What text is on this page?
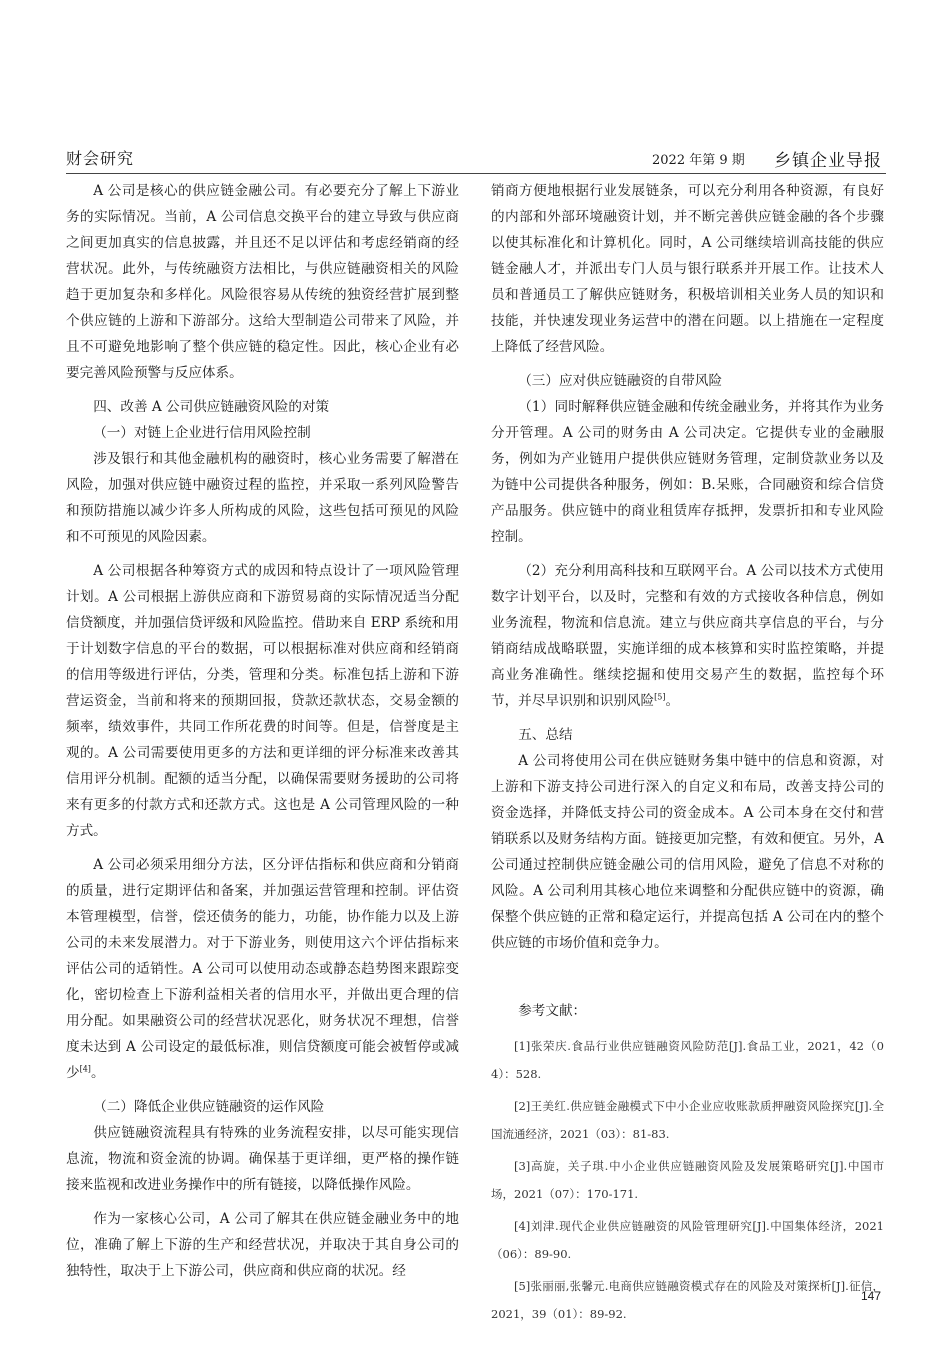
财会研究	2022 年第 9 期 乡镇企业导报

A 公司是核心的供应链金融公司。有必要充分了解上下游业务的实际情况。当前，A 公司信息交换平台的建立导致与供应商之间更加真实的信息披露，并且还不足以评估和考虑经销商的经营状况。此外，与传统融资方法相比，与供应链融资相关的风险趋于更加复杂和多样化。风险很容易从传统的独资经营扩展到整个供应链的上游和下游部分。这给大型制造公司带来了风险，并且不可避免地影响了整个供应链的稳定性。因此，核心企业有必要完善风险预警与反应体系。

四、改善 A 公司供应链融资风险的对策

（一）对链上企业进行信用风险控制

涉及银行和其他金融机构的融资时，核心业务需要了解潜在风险，加强对供应链中融资过程的监控，并采取一系列风险警告和预防措施以减少许多人所构成的风险，这些包括可预见的风险和不可预见的风险因素。

A 公司根据各种筹资方式的成因和特点设计了一项风险管理计划。A 公司根据上游供应商和下游贸易商的实际情况适当分配信贷额度，并加强信贷评级和风险监控。借助来自 ERP 系统和用于计划数字信息的平台的数据，可以根据标准对供应商和经销商的信用等级进行评估，分类，管理和分类。标准包括上游和下游营运资金，当前和将来的预期回报，贷款还款状态，交易金额的频率，绩效事件，共同工作所花费的时间等。但是，信誉度是主观的。A 公司需要使用更多的方法和更详细的评分标准来改善其信用评分机制。配额的适当分配，以确保需要财务援助的公司将来有更多的付款方式和还款方式。这也是 A 公司管理风险的一种方式。

A 公司必须采用细分方法，区分评估指标和供应商和分销商的质量，进行定期评估和备案，并加强运营管理和控制。评估资本管理模型，信誉，偿还债务的能力，功能，协作能力以及上游公司的未来发展潜力。对于下游业务，则使用这六个评估指标来评估公司的适销性。A 公司可以使用动态或静态趋势图来跟踪变化，密切检查上下游利益相关者的信用水平，并做出更合理的信用分配。如果融资公司的经营状况恶化，财务状况不理想，信誉度未达到 A 公司设定的最低标准，则信贷额度可能会被暂停或减少[4]。

（二）降低企业供应链融资的运作风险

供应链融资流程具有特殊的业务流程安排，以尽可能实现信息流，物流和资金流的协调。确保基于更详细，更严格的操作链接来监视和改进业务操作中的所有链接，以降低操作风险。

作为一家核心公司，A 公司了解其在供应链金融业务中的地位，准确了解上下游的生产和经营状况，并取决于其自身公司的独特性，取决于上下游公司，供应商和供应商的状况。经

销商方便地根据行业发展链条，可以充分利用各种资源，有良好的内部和外部环境融资计划，并不断完善供应链金融的各个步骤以使其标准化和计算机化。同时，A 公司继续培训高技能的供应链金融人才，并派出专门人员与银行联系并开展工作。让技术人员和普通员工了解供应链财务，积极培训相关业务人员的知识和技能，并快速发现业务运营中的潜在问题。以上措施在一定程度上降低了经营风险。

（三）应对供应链融资的自带风险

（1）同时解释供应链金融和传统金融业务，并将其作为业务分开管理。A 公司的财务由 A 公司决定。它提供专业的金融服务，例如为产业链用户提供供应链财务管理，定制贷款业务以及为链中公司提供各种服务，例如：B.呆账，合同融资和综合信贷产品服务。供应链中的商业租赁库存抵押，发票折扣和专业风险控制。

（2）充分利用高科技和互联网平台。A 公司以技术方式使用数字计划平台，以及时，完整和有效的方式接收各种信息，例如业务流程，物流和信息流。建立与供应商共享信息的平台，与分销商结成战略联盟，实施详细的成本核算和实时监控策略，并提高业务准确性。继续挖掘和使用交易产生的数据，监控每个环节，并尽早识别和识别风险[5]。

五、总结

A 公司将使用公司在供应链财务集中链中的信息和资源，对上游和下游支持公司进行深入的自定义和布局，改善支持公司的资金选择，并降低支持公司的资金成本。A 公司本身在交付和营销联系以及财务结构方面。链接更加完整，有效和便宜。另外，A 公司通过控制供应链金融公司的信用风险，避免了信息不对称的风险。A 公司利用其核心地位来调整和分配供应链中的资源，确保整个供应链的正常和稳定运行，并提高包括 A 公司在内的整个供应链的市场价值和竞争力。

参考文献：

[1]张荣庆.食品行业供应链融资风险防范[J].食品工业，2021，42（04）：528.

[2]王美红.供应链金融模式下中小企业应收账款质押融资风险探究[J].全国流通经济，2021（03）：81-83.

[3]高旋，关子琪.中小企业供应链融资风险及发展策略研究[J].中国市场，2021（07）：170-171.

[4]刘津.现代企业供应链融资的风险管理研究[J].中国集体经济，2021（06）：89-90.

[5]张丽丽,张馨元.电商供应链融资模式存在的风险及对策探析[J].征信，2021，39（01）：89-92.

147
